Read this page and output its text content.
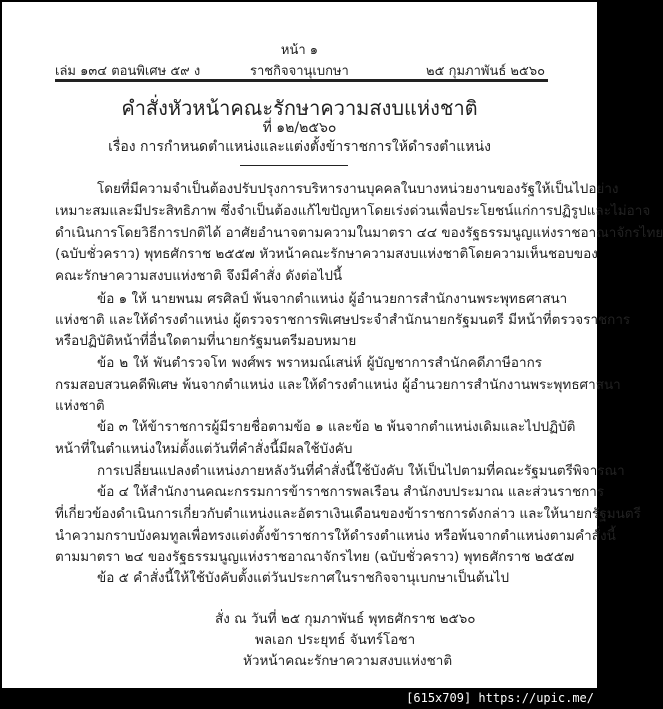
หน้า ๑
เล่ม ๑๓๔ ตอนพิเศษ ๕๙ ง	ราชกิจจานุเบกษา	๒๕ กุมภาพันธ์ ๒๕๖๐
คำสั่งหัวหน้าคณะรักษาความสงบแห่งชาติ
ที่ ๑๒/๒๕๖๐
เรื่อง การกำหนดตำแหน่งและแต่งตั้งข้าราชการให้ดำรงตำแหน่ง
โดยที่มีความจำเป็นต้องปรับปรุงการบริหารงานบุคคลในบางหน่วยงานของรัฐให้เป็นไปอย่าง
เหมาะสมและมีประสิทธิภาพ ซึ่งจำเป็นต้องแก้ไขปัญหาโดยเร่งด่วนเพื่อประโยชน์แก่การปฏิรูปและไม่อาจ
ดำเนินการโดยวิธีการปกติได้ อาศัยอำนาจตามความในมาตรา ๔๔ ของรัฐธรรมนูญแห่งราชอาณาจักรไทย
(ฉบับชั่วคราว) พุทธศักราช ๒๕๕๗ หัวหน้าคณะรักษาความสงบแห่งชาติโดยความเห็นชอบของ
คณะรักษาความสงบแห่งชาติ จึงมีคำสั่ง ดังต่อไปนี้
ข้อ ๑ ให้ นายพนม ศรศิลป์ พ้นจากตำแหน่ง ผู้อำนวยการสำนักงานพระพุทธศาสนา
แห่งชาติ และให้ดำรงตำแหน่ง ผู้ตรวจราชการพิเศษประจำสำนักนายกรัฐมนตรี มีหน้าที่ตรวจราชการ
หรือปฏิบัติหน้าที่อื่นใดตามที่นายกรัฐมนตรีมอบหมาย
ข้อ ๒ ให้ พันตำรวจโท พงศ์พร พราหมณ์เสน่ห์ ผู้บัญชาการสำนักคดีภาษีอากร
กรมสอบสวนคดีพิเศษ พ้นจากตำแหน่ง และให้ดำรงตำแหน่ง ผู้อำนวยการสำนักงานพระพุทธศาสนา
แห่งชาติ
ข้อ ๓ ให้ข้าราชการผู้มีรายชื่อตามข้อ ๑ และข้อ ๒ พ้นจากตำแหน่งเดิมและไปปฏิบัติ
หน้าที่ในตำแหน่งใหม่ตั้งแต่วันที่คำสั่งนี้มีผลใช้บังคับ
การเปลี่ยนแปลงตำแหน่งภายหลังวันที่คำสั่งนี้ใช้บังคับ ให้เป็นไปตามที่คณะรัฐมนตรีพิจารณา
ข้อ ๔ ให้สำนักงานคณะกรรมการข้าราชการพลเรือน สำนักงบประมาณ และส่วนราชการ
ที่เกี่ยวข้องดำเนินการเกี่ยวกับตำแหน่งและอัตราเงินเดือนของข้าราชการดังกล่าว และให้นายกรัฐมนตรี
นำความกราบบังคมทูลเพื่อทรงแต่งตั้งข้าราชการให้ดำรงตำแหน่ง หรือพ้นจากตำแหน่งตามคำสั่งนี้
ตามมาตรา ๒๔ ของรัฐธรรมนูญแห่งราชอาณาจักรไทย (ฉบับชั่วคราว) พุทธศักราช ๒๕๕๗
ข้อ ๕ คำสั่งนี้ให้ใช้บังคับตั้งแต่วันประกาศในราชกิจจานุเบกษาเป็นต้นไป
สั่ง ณ วันที่ ๒๕ กุมภาพันธ์ พุทธศักราช ๒๕๖๐
พลเอก ประยุทธ์ จันทร์โอชา
หัวหน้าคณะรักษาความสงบแห่งชาติ
[615x709] https://upic.me/
